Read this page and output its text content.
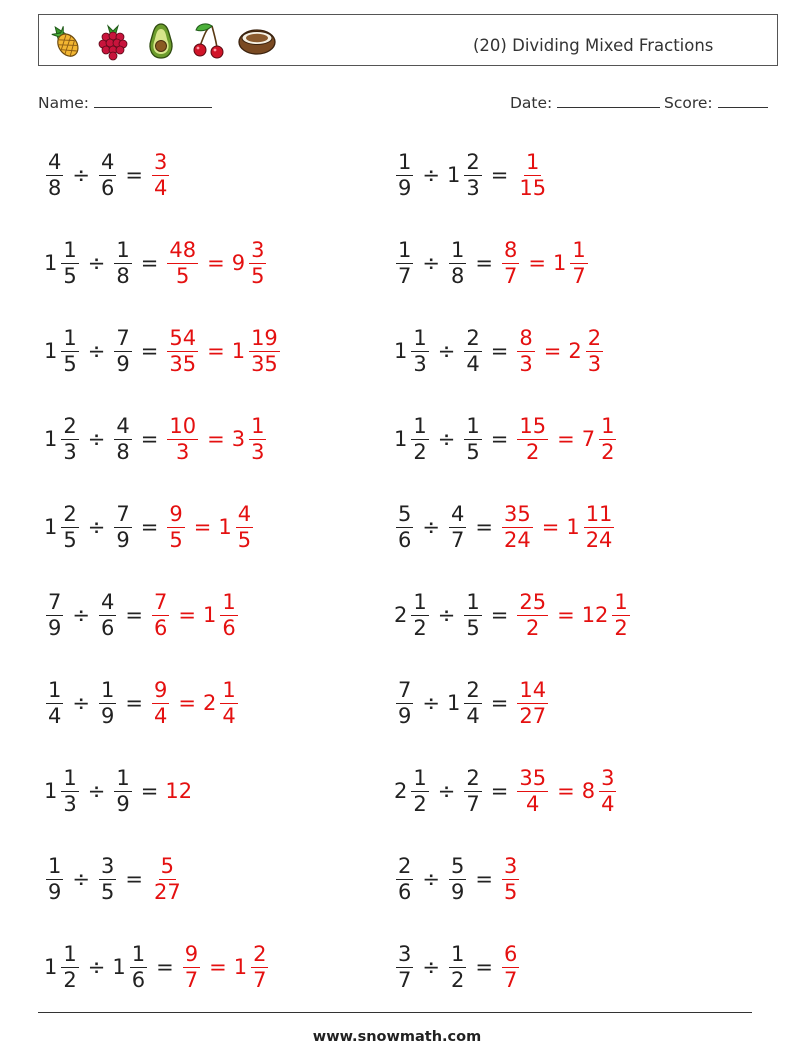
(20) Dividing Mixed Fractions
Name:	Date:	Score:
$\frac{4}{8} \div \frac{4}{6} = \frac{3}{4}$	$\frac{1}{9} \div 1 \frac{2}{3} = \frac{1}{15}$
$1 \frac{1}{5} \div \frac{1}{8} = \frac{48}{5} = 9 \frac{3}{5}$	$\frac{1}{7} \div \frac{1}{8} = \frac{8}{7} = 1 \frac{1}{7}$
$1 \frac{1}{5} \div \frac{7}{9} = \frac{54}{35} = 1 \frac{19}{35}$	$1 \frac{1}{3} \div \frac{2}{4} = \frac{8}{3} = 2 \frac{2}{3}$
$1 \frac{2}{3} \div \frac{4}{8} = \frac{10}{3} = 3 \frac{1}{3}$	$1 \frac{1}{2} \div \frac{1}{5} = \frac{15}{2} = 7 \frac{1}{2}$
$1 \frac{2}{5} \div \frac{7}{9} = \frac{9}{5} = 1 \frac{4}{5}$	$\frac{5}{6} \div \frac{4}{7} = \frac{35}{24} = 1 \frac{11}{24}$
$\frac{7}{9} \div \frac{4}{6} = \frac{7}{6} = 1 \frac{1}{6}$	$2 \frac{1}{2} \div \frac{1}{5} = \frac{25}{2} = 12 \frac{1}{2}$
$\frac{1}{4} \div \frac{1}{9} = \frac{9}{4} = 2 \frac{1}{4}$	$\frac{7}{9} \div 1 \frac{2}{4} = \frac{14}{27}$
$1 \frac{1}{3} \div \frac{1}{9} = 12$	$2 \frac{1}{2} \div \frac{2}{7} = \frac{35}{4} = 8 \frac{3}{4}$
$\frac{1}{9} \div \frac{3}{5} = \frac{5}{27}$	$\frac{2}{6} \div \frac{5}{9} = \frac{3}{5}$
$1 \frac{1}{2} \div 1 \frac{1}{6} = \frac{9}{7} = 1 \frac{2}{7}$	$\frac{3}{7} \div \frac{1}{2} = \frac{6}{7}$
www.snowmath.com
